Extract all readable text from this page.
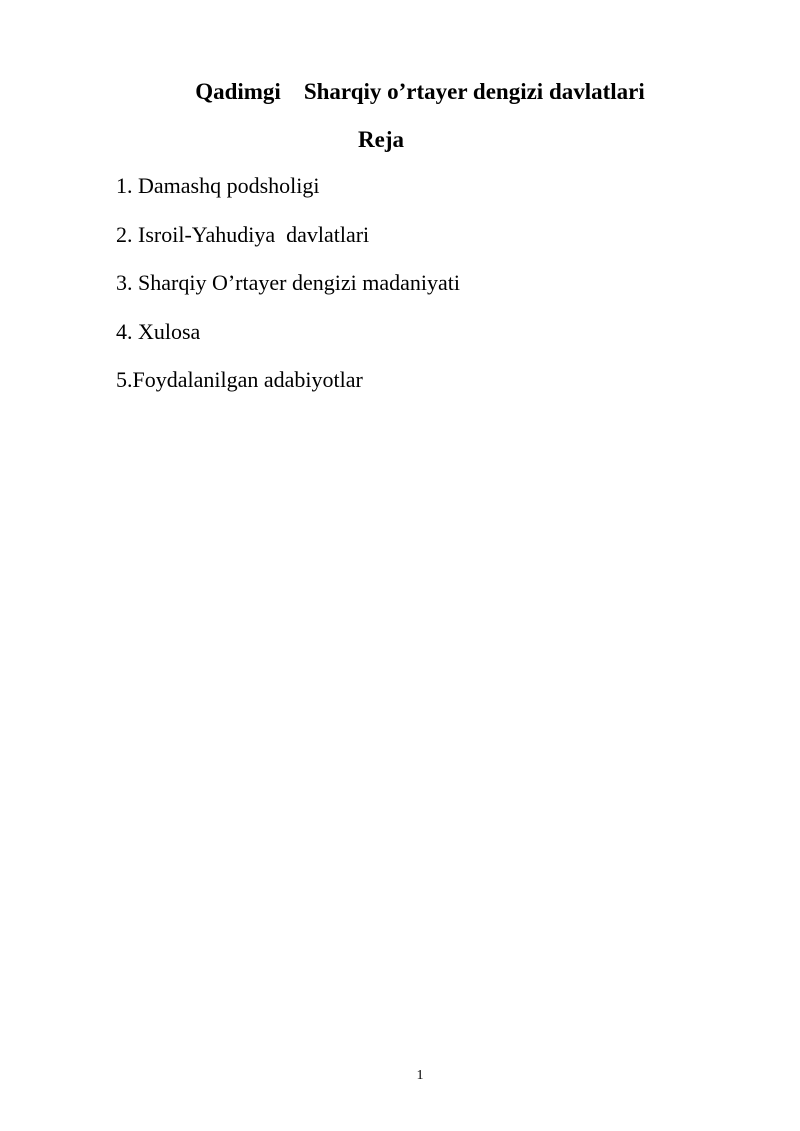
Qadimgi    Sharqiy o’rtayer dengizi davlatlari
Reja
1. Damashq podsholigi
2. Isroil-Yahudiya  davlatlari
3. Sharqiy O’rtayer dengizi madaniyati
4. Xulosa
5.Foydalanilgan adabiyotlar
1
